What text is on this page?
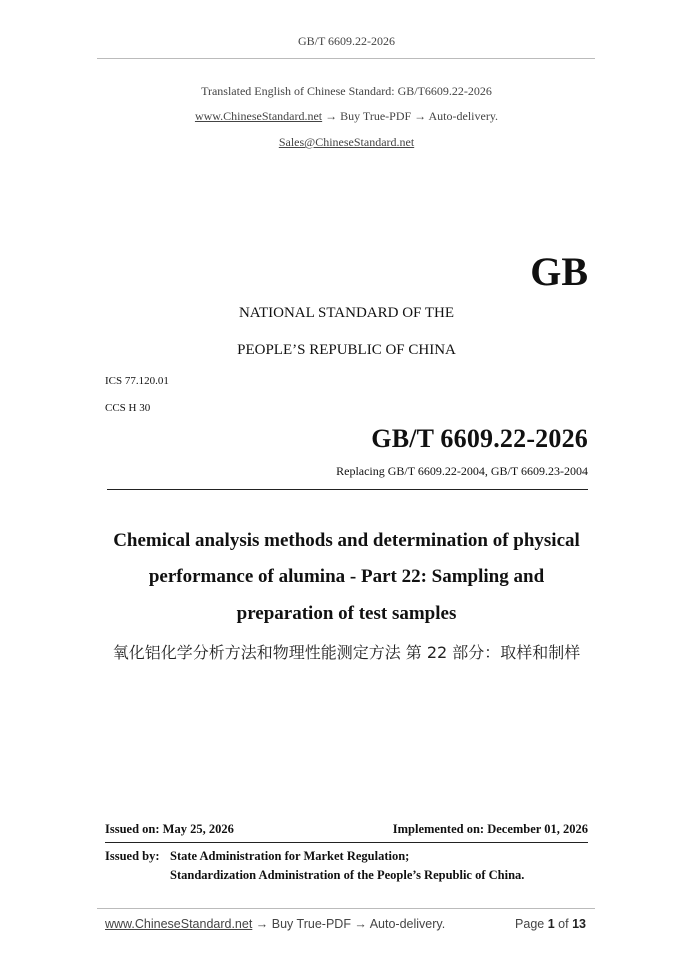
GB/T 6609.22-2026
Translated English of Chinese Standard: GB/T6609.22-2026
www.ChineseStandard.net → Buy True-PDF → Auto-delivery.
Sales@ChineseStandard.net
GB
NATIONAL STANDARD OF THE
PEOPLE’S REPUBLIC OF CHINA
ICS 77.120.01
CCS H 30
GB/T 6609.22-2026
Replacing GB/T 6609.22-2004, GB/T 6609.23-2004
Chemical analysis methods and determination of physical
performance of alumina - Part 22: Sampling and
preparation of test samples
氧化铝化学分析方法和物理性能测定方法 第 22 部分：取样和制样
Issued on: May 25, 2026	Implemented on: December 01, 2026
Issued by: State Administration for Market Regulation;
Standardization Administration of the People’s Republic of China.
www.ChineseStandard.net → Buy True-PDF → Auto-delivery.	Page 1 of 13
